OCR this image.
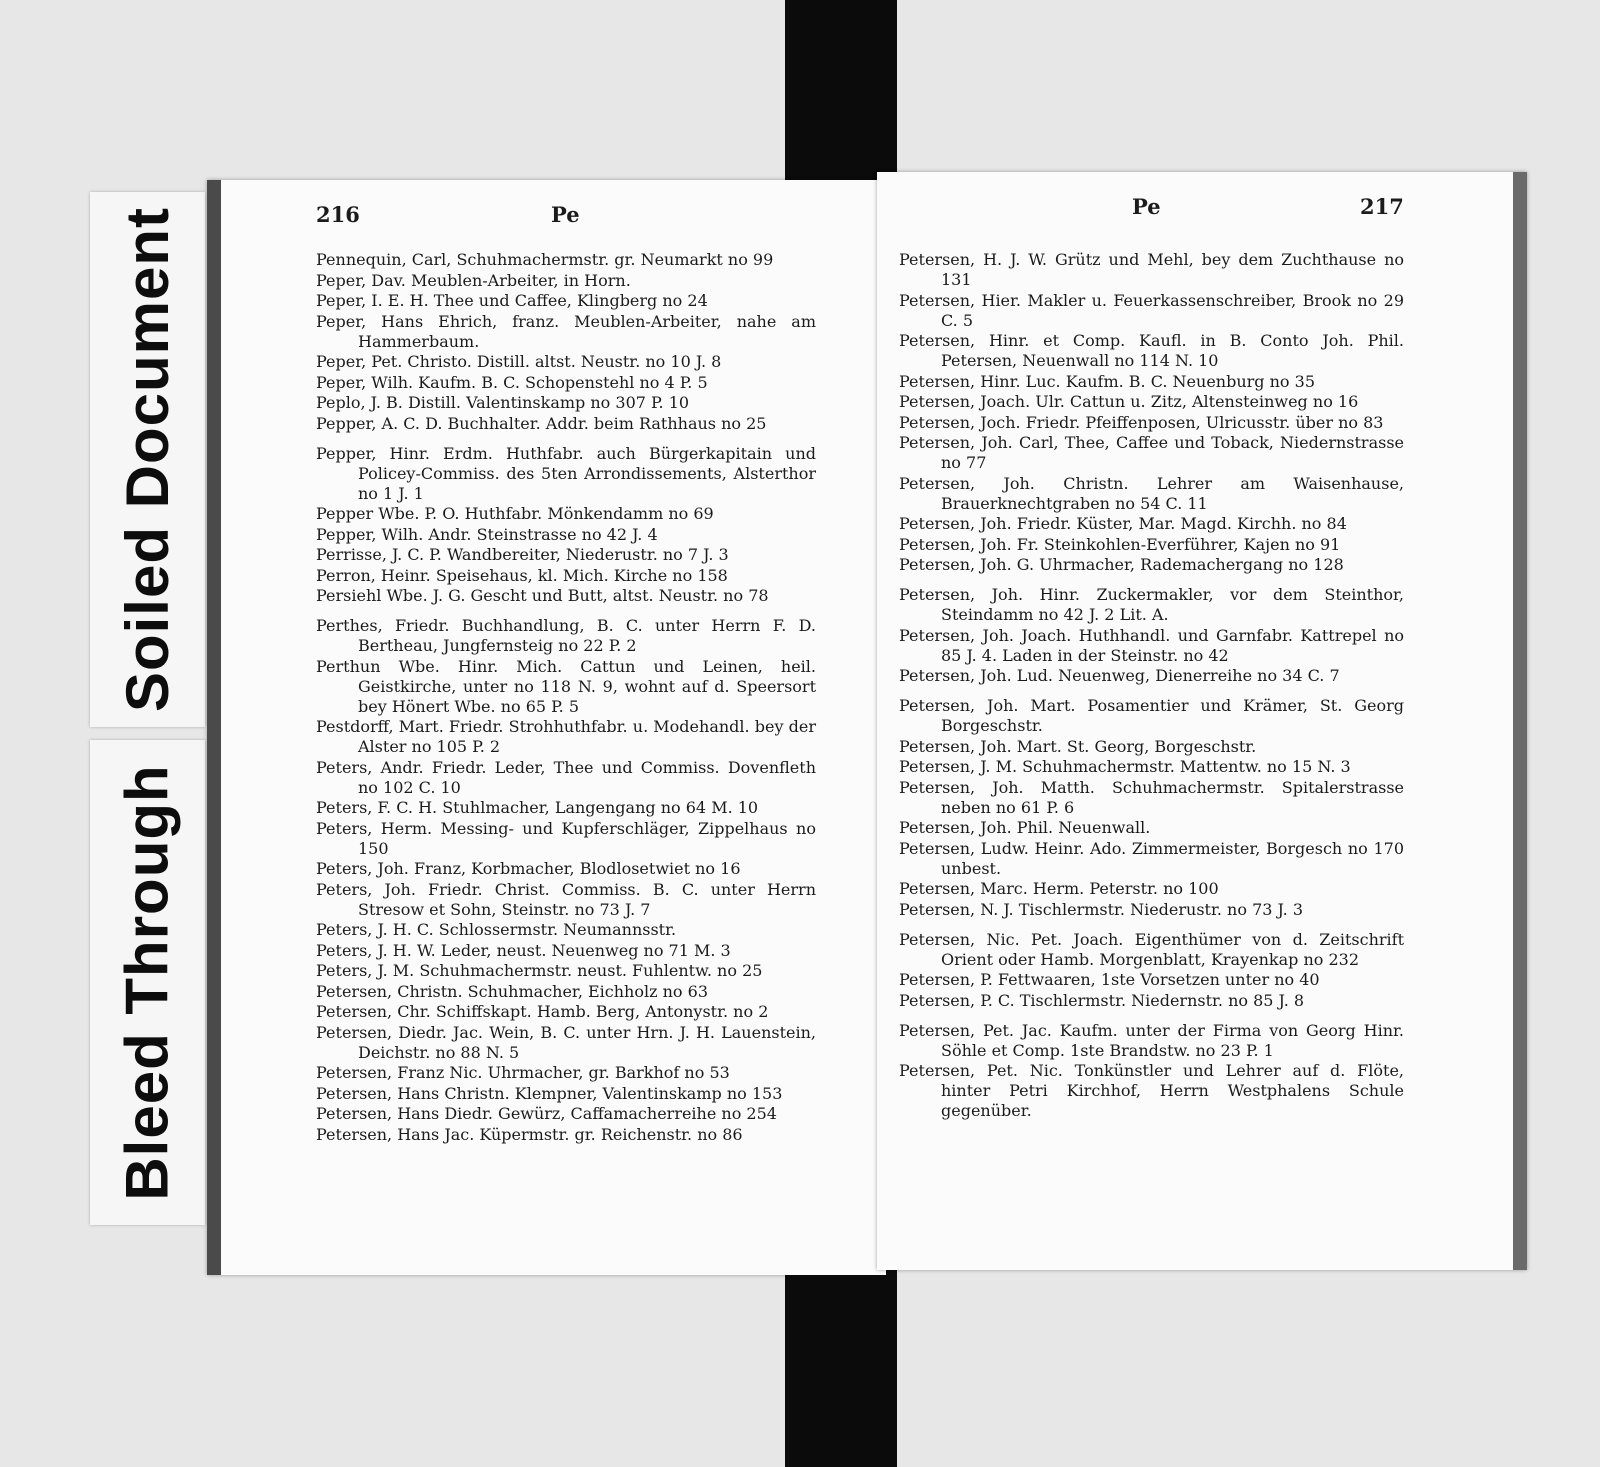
Soiled Document
Bleed Through
216	Pe
Pennequin, Carl, Schuhmachermstr. gr. Neumarkt no 99
Peper, Dav. Meublen-Arbeiter, in Horn.
Peper, I. E. H. Thee und Caffee, Klingberg no 24
Peper, Hans Ehrich, franz. Meublen-Arbeiter, nahe am Hammerbaum.
Peper, Pet. Christo. Distill. altst. Neustr. no 10 J. 8
Peper, Wilh. Kaufm. B. C. Schopenstehl no 4 P. 5
Peplo, J. B. Distill. Valentinskamp no 307 P. 10
Pepper, A. C. D. Buchhalter. Addr. beim Rathhaus no 25
Pepper, Hinr. Erdm. Huthfabr. auch Bürgerkapitain und Policey-Commiss. des 5ten Arrondissements, Alsterthor no 1 J. 1
Pepper Wbe. P. O. Huthfabr. Mönkendamm no 69
Pepper, Wilh. Andr. Steinstrasse no 42 J. 4
Perrisse, J. C. P. Wandbereiter, Niederustr. no 7 J. 3
Perron, Heinr. Speisehaus, kl. Mich. Kirche no 158
Persiehl Wbe. J. G. Gescht und Butt, altst. Neustr. no 78
Perthes, Friedr. Buchhandlung, B. C. unter Herrn F. D. Bertheau, Jungfernsteig no 22 P. 2
Perthun Wbe. Hinr. Mich. Cattun und Leinen, heil. Geistkirche, unter no 118 N. 9, wohnt auf d. Speersort bey Hönert Wbe. no 65 P. 5
Pestdorff, Mart. Friedr. Strohhuthfabr. u. Modehandl. bey der Alster no 105 P. 2
Peters, Andr. Friedr. Leder, Thee und Commiss. Dovenfleth no 102 C. 10
Peters, F. C. H. Stuhlmacher, Langengang no 64 M. 10
Peters, Herm. Messing- und Kupferschläger, Zippelhaus no 150
Peters, Joh. Franz, Korbmacher, Blodlosetwiet no 16
Peters, Joh. Friedr. Christ. Commiss. B. C. unter Herrn Stresow et Sohn, Steinstr. no 73 J. 7
Peters, J. H. C. Schlossermstr. Neumannsstr.
Peters, J. H. W. Leder, neust. Neuenweg no 71 M. 3
Peters, J. M. Schuhmachermstr. neust. Fuhlentw. no 25
Petersen, Christn. Schuhmacher, Eichholz no 63
Petersen, Chr. Schiffskapt. Hamb. Berg, Antonystr. no 2
Petersen, Diedr. Jac. Wein, B. C. unter Hrn. J. H. Lauenstein, Deichstr. no 88 N. 5
Petersen, Franz Nic. Uhrmacher, gr. Barkhof no 53
Petersen, Hans Christn. Klempner, Valentinskamp no 153
Petersen, Hans Diedr. Gewürz, Caffamacherreihe no 254
Petersen, Hans Jac. Küpermstr. gr. Reichenstr. no 86
Pe	217
Petersen, H. J. W. Grütz und Mehl, bey dem Zuchthause no 131
Petersen, Hier. Makler u. Feuerkassenschreiber, Brook no 29 C. 5
Petersen, Hinr. et Comp. Kaufl. in B. Conto Joh. Phil. Petersen, Neuenwall no 114 N. 10
Petersen, Hinr. Luc. Kaufm. B. C. Neuenburg no 35
Petersen, Joach. Ulr. Cattun u. Zitz, Altensteinweg no 16
Petersen, Joch. Friedr. Pfeiffenposen, Ulricusstr. über no 83
Petersen, Joh. Carl, Thee, Caffee und Toback, Niedernstrasse no 77
Petersen, Joh. Christn. Lehrer am Waisenhause, Brauerknechtgraben no 54 C. 11
Petersen, Joh. Friedr. Küster, Mar. Magd. Kirchh. no 84
Petersen, Joh. Fr. Steinkohlen-Everführer, Kajen no 91
Petersen, Joh. G. Uhrmacher, Rademachergang no 128
Petersen, Joh. Hinr. Zuckermakler, vor dem Steinthor, Steindamm no 42 J. 2 Lit. A.
Petersen, Joh. Joach. Huthhandl. und Garnfabr. Kattrepel no 85 J. 4. Laden in der Steinstr. no 42
Petersen, Joh. Lud. Neuenweg, Dienerreihe no 34 C. 7
Petersen, Joh. Mart. Posamentier und Krämer, St. Georg Borgeschstr.
Petersen, Joh. Mart. St. Georg, Borgeschstr.
Petersen, J. M. Schuhmachermstr. Mattentw. no 15 N. 3
Petersen, Joh. Matth. Schuhmachermstr. Spitalerstrasse neben no 61 P. 6
Petersen, Joh. Phil. Neuenwall.
Petersen, Ludw. Heinr. Ado. Zimmermeister, Borgesch no 170 unbest.
Petersen, Marc. Herm. Peterstr. no 100
Petersen, N. J. Tischlermstr. Niederustr. no 73 J. 3
Petersen, Nic. Pet. Joach. Eigenthümer von d. Zeitschrift Orient oder Hamb. Morgenblatt, Krayenkap no 232
Petersen, P. Fettwaaren, 1ste Vorsetzen unter no 40
Petersen, P. C. Tischlermstr. Niedernstr. no 85 J. 8
Petersen, Pet. Jac. Kaufm. unter der Firma von Georg Hinr. Söhle et Comp. 1ste Brandstw. no 23 P. 1
Petersen, Pet. Nic. Tonkünstler und Lehrer auf d. Flöte, hinter Petri Kirchhof, Herrn Westphalens Schule gegenüber.
